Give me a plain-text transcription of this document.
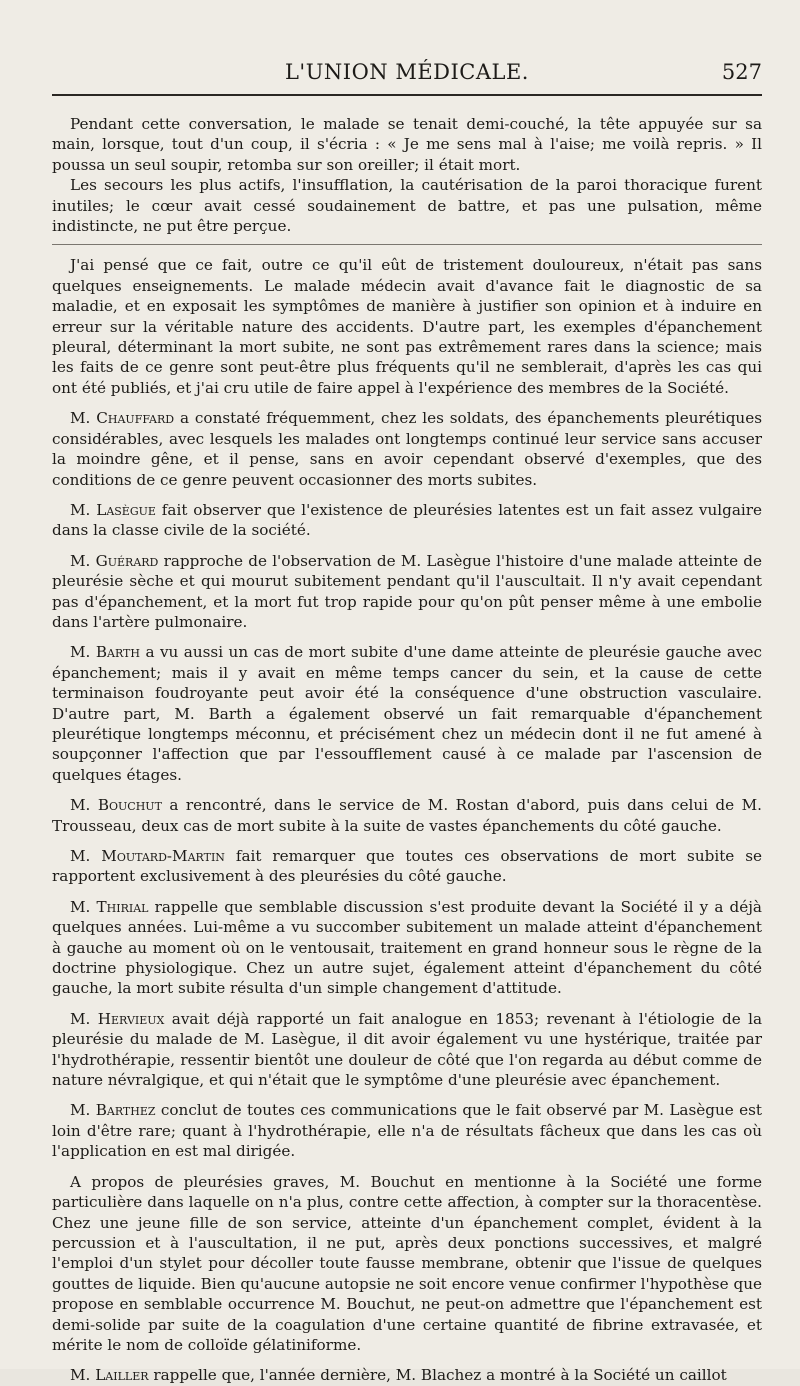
L'UNION MÉDICALE.	527

Pendant cette conversation, le malade se tenait demi-couché, la tête appuyée sur sa main, lorsque, tout d'un coup, il s'écria : « Je me sens mal à l'aise; me voilà repris. » Il poussa un seul soupir, retomba sur son oreiller; il était mort.

Les secours les plus actifs, l'insufflation, la cautérisation de la paroi thoracique furent inutiles; le cœur avait cessé soudainement de battre, et pas une pulsation, même indistincte, ne put être perçue.

J'ai pensé que ce fait, outre ce qu'il eût de tristement douloureux, n'était pas sans quelques enseignements. Le malade médecin avait d'avance fait le diagnostic de sa maladie, et en exposait les symptômes de manière à justifier son opinion et à induire en erreur sur la véritable nature des accidents. D'autre part, les exemples d'épanchement pleural, déterminant la mort subite, ne sont pas extrêmement rares dans la science; mais les faits de ce genre sont peut-être plus fréquents qu'il ne semblerait, d'après les cas qui ont été publiés, et j'ai cru utile de faire appel à l'expérience des membres de la Société.

M. Chauffard a constaté fréquemment, chez les soldats, des épanchements pleurétiques considérables, avec lesquels les malades ont longtemps continué leur service sans accuser la moindre gêne, et il pense, sans en avoir cependant observé d'exemples, que des conditions de ce genre peuvent occasionner des morts subites.

M. Lasègue fait observer que l'existence de pleurésies latentes est un fait assez vulgaire dans la classe civile de la société.

M. Guérard rapproche de l'observation de M. Lasègue l'histoire d'une malade atteinte de pleurésie sèche et qui mourut subitement pendant qu'il l'auscultait. Il n'y avait cependant pas d'épanchement, et la mort fut trop rapide pour qu'on pût penser même à une embolie dans l'artère pulmonaire.

M. Barth a vu aussi un cas de mort subite d'une dame atteinte de pleurésie gauche avec épanchement; mais il y avait en même temps cancer du sein, et la cause de cette terminaison foudroyante peut avoir été la conséquence d'une obstruction vasculaire. D'autre part, M. Barth a également observé un fait remarquable d'épanchement pleurétique longtemps méconnu, et précisément chez un médecin dont il ne fut amené à soupçonner l'affection que par l'essoufflement causé à ce malade par l'ascension de quelques étages.

M. Bouchut a rencontré, dans le service de M. Rostan d'abord, puis dans celui de M. Trousseau, deux cas de mort subite à la suite de vastes épanchements du côté gauche.

M. Moutard-Martin fait remarquer que toutes ces observations de mort subite se rapportent exclusivement à des pleurésies du côté gauche.

M. Thirial rappelle que semblable discussion s'est produite devant la Société il y a déjà quelques années. Lui-même a vu succomber subitement un malade atteint d'épanchement à gauche au moment où on le ventousait, traitement en grand honneur sous le règne de la doctrine physiologique. Chez un autre sujet, également atteint d'épanchement du côté gauche, la mort subite résulta d'un simple changement d'attitude.

M. Hervieux avait déjà rapporté un fait analogue en 1853; revenant à l'étiologie de la pleurésie du malade de M. Lasègue, il dit avoir également vu une hystérique, traitée par l'hydrothérapie, ressentir bientôt une douleur de côté que l'on regarda au début comme de nature névralgique, et qui n'était que le symptôme d'une pleurésie avec épanchement.

M. Barthez conclut de toutes ces communications que le fait observé par M. Lasègue est loin d'être rare; quant à l'hydrothérapie, elle n'a de résultats fâcheux que dans les cas où l'application en est mal dirigée.

A propos de pleurésies graves, M. Bouchut en mentionne à la Société une forme particulière dans laquelle on n'a plus, contre cette affection, à compter sur la thoracentèse. Chez une jeune fille de son service, atteinte d'un épanchement complet, évident à la percussion et à l'auscultation, il ne put, après deux ponctions successives, et malgré l'emploi d'un stylet pour décoller toute fausse membrane, obtenir que l'issue de quelques gouttes de liquide. Bien qu'aucune autopsie ne soit encore venue confirmer l'hypothèse que propose en semblable occurrence M. Bouchut, ne peut-on admettre que l'épanchement est demi-solide par suite de la coagulation d'une certaine quantité de fibrine extravasée, et mérite le nom de colloïde gélatiniforme.

M. Lailler rappelle que, l'année dernière, M. Blachez a montré à la Société un caillot
